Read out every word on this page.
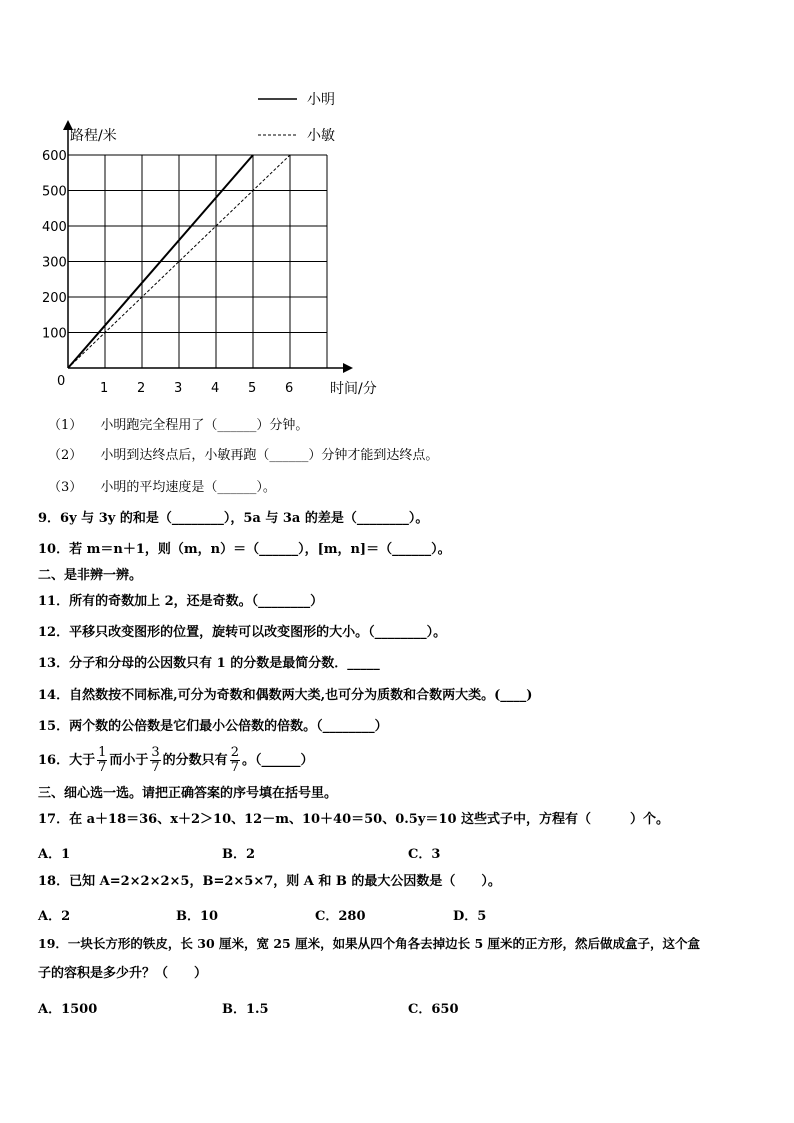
1 2 3 4 5 6
100
200
300
400
500
600
小明
小敏
路程/米
时间/分
0
（1） 小明跑完全程用了（______）分钟。
（2） 小明到达终点后，小敏再跑（______）分钟才能到达终点。
（3） 小明的平均速度是（______）。
9．6y 与 3y 的和是（________），5a 与 3a 的差是（________）。
10．若 m＝n＋1，则（m，n）＝（______），[m，n]＝（______）。
二、是非辨一辨。
11．所有的奇数加上 2，还是奇数。（________）
12．平移只改变图形的位置，旋转可以改变图形的大小。（________）。
13．分子和分母的公因数只有 1 的分数是最简分数．_____
14．自然数按不同标准,可分为奇数和偶数两大类,也可分为质数和合数两大类。(____)
15．两个数的公倍数是它们最小公倍数的倍数。（________）
16．大于 $\frac{1}{7}$ 而小于 $\frac{3}{7}$ 的分数只有 $\frac{2}{7}$ 。（______）
三、细心选一选。请把正确答案的序号填在括号里。
17．在 a＋18＝36、x＋2＞10、12－m、10＋40＝50、0.5y＝10 这些式子中，方程有（　　　）个。
A．1	B．2	C．3
18．已知 A=2×2×2×5，B=2×5×7，则 A 和 B 的最大公因数是（　　）。
A．2	B．10	C．280	D．5
19．一块长方形的铁皮，长 30 厘米，宽 25 厘米，如果从四个角各去掉边长 5 厘米的正方形，然后做成盒子，这个盒
子的容积是多少升？（　　）
A．1500	B．1.5	C．650
